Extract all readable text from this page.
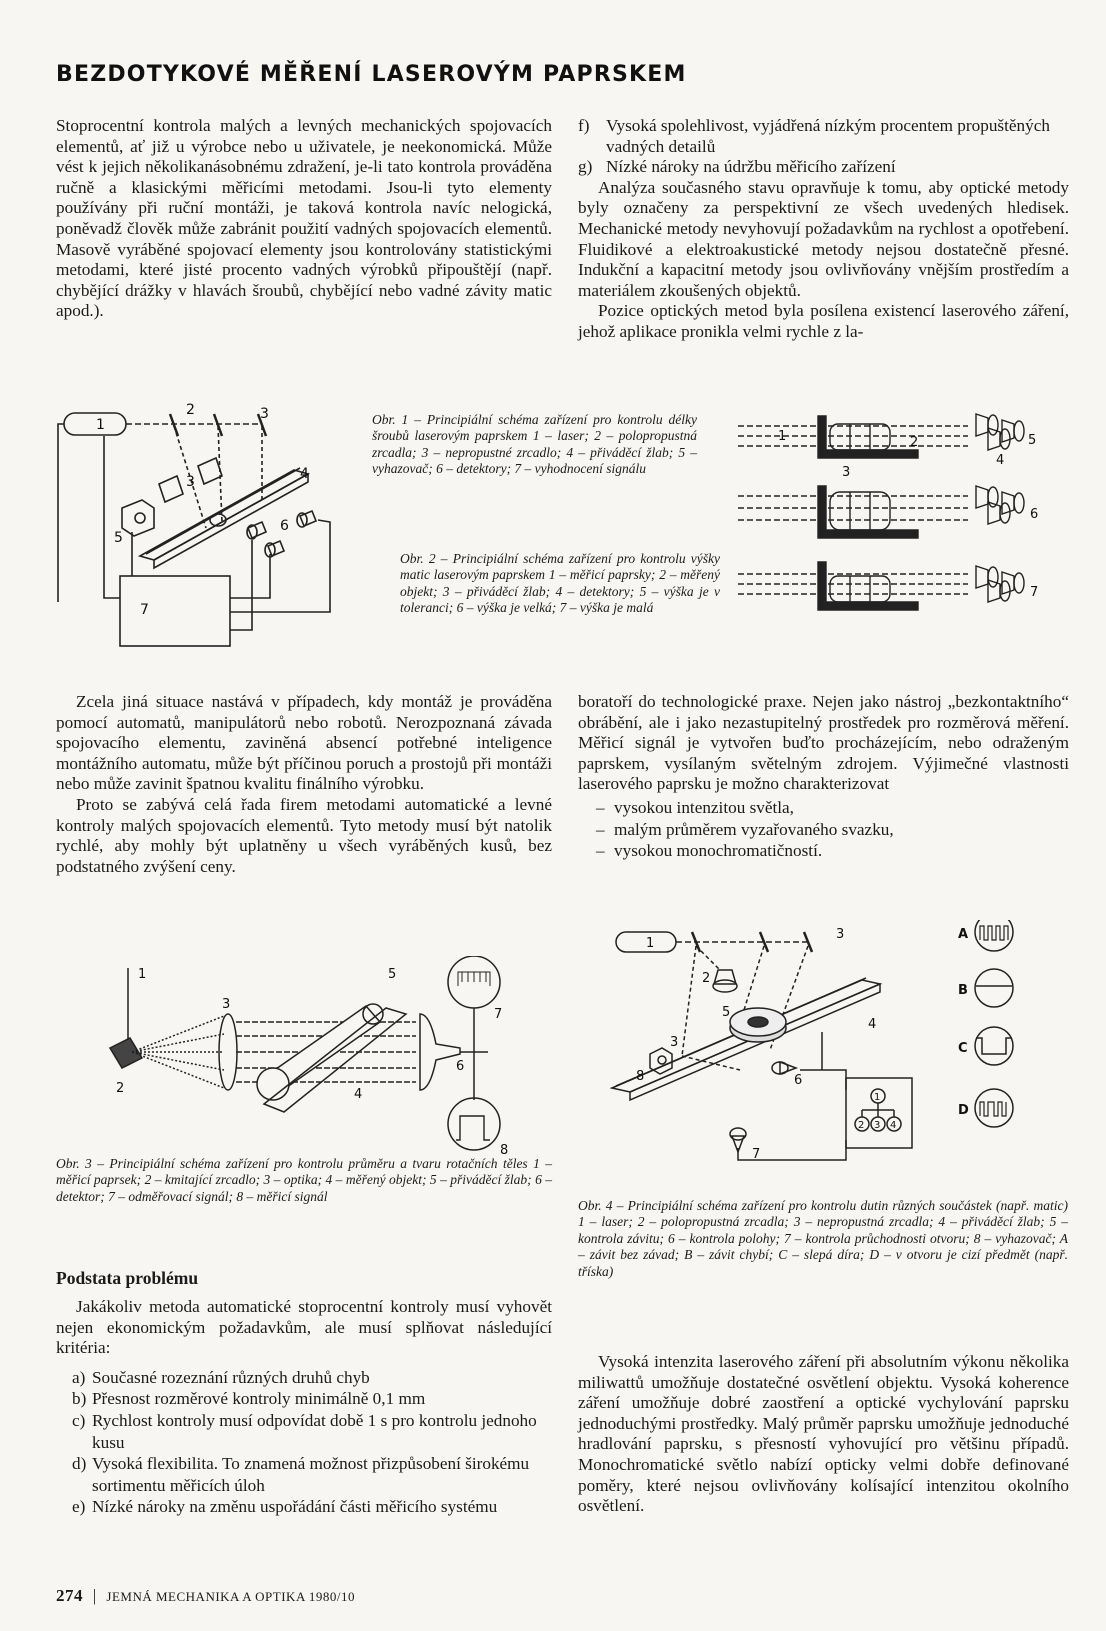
BEZDOTYKOVÉ MĚŘENÍ LASEROVÝM PAPRSKEM

Stoprocentní kontrola malých a levných mechanických spojovacích elementů, ať již u výrobce nebo u uživatele, je neekonomická. Může vést k jejich několikanásobnému zdražení, je-li tato kontrola prováděna ručně a klasickými měřicími metodami. Jsou-li tyto elementy používány při ruční montáži, je taková kontrola navíc nelogická, poněvadž člověk může zabránit použití vadných spojovacích elementů. Masově vyráběné spojovací elementy jsou kontrolovány statistickými metodami, které jisté procento vadných výrobků připouštějí (např. chybějící drážky v hlavách šroubů, chybějící nebo vadné závity matic apod.).

f) Vysoká spolehlivost, vyjádřená nízkým procentem propuštěných vadných detailů
g) Nízké nároky na údržbu měřicího zařízení

Analýza současného stavu opravňuje k tomu, aby optické metody byly označeny za perspektivní ze všech uvedených hledisek. Mechanické metody nevyhovují požadavkům na rychlost a opotřebení. Fluidikové a elektroakustické metody nejsou dostatečně přesné. Indukční a kapacitní metody jsou ovlivňovány vnějším prostředím a materiálem zkoušených objektů.

Pozice optických metod byla posílena existencí laserového záření, jehož aplikace pronikla velmi rychle z la-

1
2	3
3	4
5
6
7

Obr. 1 – Principiální schéma zařízení pro kontrolu délky šroubů laserovým paprskem 1 – laser; 2 – polopropustná zrcadla; 3 – nepropustné zrcadlo; 4 – přiváděcí žlab; 5 – vyhazovač; 6 – detektory; 7 – vyhodnocení signálu

Obr. 2 – Principiální schéma zařízení pro kontrolu výšky matic laserovým paprskem 1 – měřicí paprsky; 2 – měřený objekt; 3 – přiváděcí žlab; 4 – detektory; 5 – výška je v toleranci; 6 – výška je velká; 7 – výška je malá

1	2
3
4
5
6
7

Zcela jiná situace nastává v případech, kdy montáž je prováděna pomocí automatů, manipulátorů nebo robotů. Nerozpoznaná závada spojovacího elementu, zaviněná absencí potřebné inteligence montážního automatu, může být příčinou poruch a prostojů při montáži nebo může zavinit špatnou kvalitu finálního výrobku.

Proto se zabývá celá řada firem metodami automatické a levné kontroly malých spojovacích elementů. Tyto metody musí být natolik rychlé, aby mohly být uplatněny u všech vyráběných kusů, bez podstatného zvýšení ceny.

boratoří do technologické praxe. Nejen jako nástroj „bezkontaktního“ obrábění, ale i jako nezastupitelný prostředek pro rozměrová měření. Měřicí signál je vytvořen buďto procházejícím, nebo odraženým paprskem, vysílaným světelným zdrojem. Výjimečné vlastnosti laserového paprsku je možno charakterizovat

– vysokou intenzitou světla,
– malým průměrem vyzařovaného svazku,
– vysokou monochromatičností.
1
2
3
4
5
6
7
8

Obr. 3 – Principiální schéma zařízení pro kontrolu průměru a tvaru rotačních těles 1 – měřicí paprsek; 2 – kmitající zrcadlo; 3 – optika; 4 – měřený objekt; 5 – přiváděcí žlab; 6 – detektor; 7 – odměřovací signál; 8 – měřicí signál

Podstata problému

Jakákoliv metoda automatické stoprocentní kontroly musí vyhovět nejen ekonomickým požadavkům, ale musí splňovat následující kritéria:

a) Současné rozeznání různých druhů chyb
b) Přesnost rozměrové kontroly minimálně 0,1 mm
c) Rychlost kontroly musí odpovídat době 1 s pro kontrolu jednoho kusu
d) Vysoká flexibilita. To znamená možnost přizpůsobení širokému sortimentu měřicích úloh
e) Nízké nároky na změnu uspořádání části měřicího systému
1
2
3
3
4
5
6
7
8
A
B
C
D
1
2 3 4

Obr. 4 – Principiální schéma zařízení pro kontrolu dutin různých součástek (např. matic) 1 – laser; 2 – polopropustná zrcadla; 3 – nepropustná zrcadla; 4 – přiváděcí žlab; 5 – kontrola závitu; 6 – kontrola polohy; 7 – kontrola průchodnosti otvoru; 8 – vyhazovač; A – závit bez závad; B – závit chybí; C – slepá díra; D – v otvoru je cizí předmět (např. tříska)

Vysoká intenzita laserového záření při absolutním výkonu několika miliwattů umožňuje dostatečné osvětlení objektu. Vysoká koherence záření umožňuje dobré zaostření a optické vychylování paprsku jednoduchými prostředky. Malý průměr paprsku umožňuje jednoduché hradlování paprsku, s přesností vyhovující pro většinu případů. Monochromatické světlo nabízí opticky velmi dobře definované poměry, které nejsou ovlivňovány kolísající intenzitou okolního osvětlení.

274 | JEMNÁ MECHANIKA A OPTIKA 1980/10
